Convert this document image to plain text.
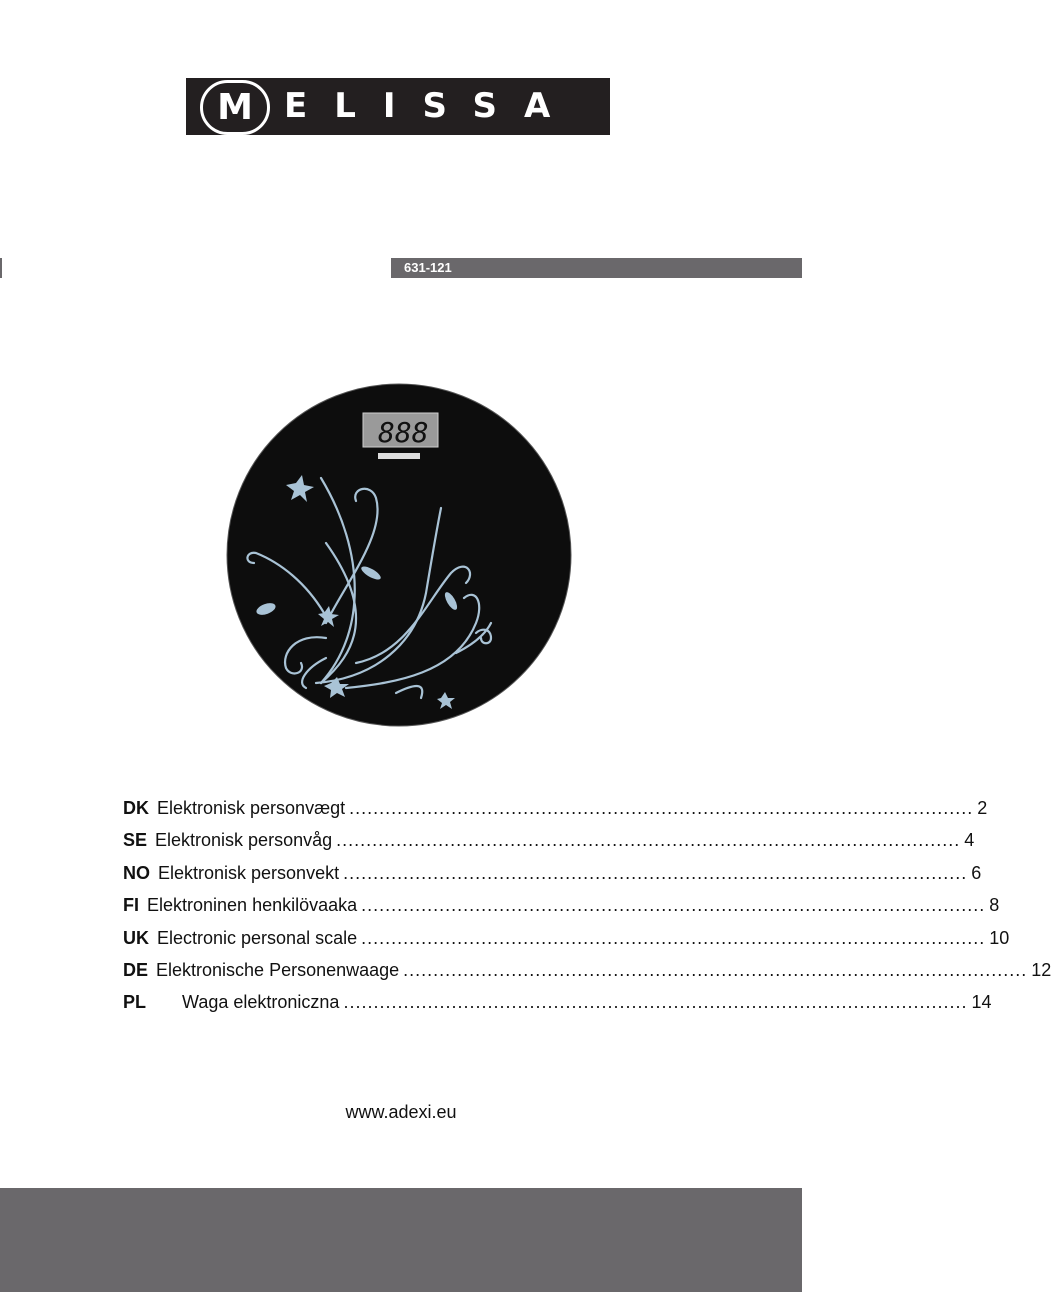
M ELISSA
631-121
888
DK Elektronisk personvægt ........................................................................................................ 2
SE Elektronisk personvåg ........................................................................................................ 4
NO Elektronisk personvekt ........................................................................................................ 6
FI Elektroninen henkilövaaka ........................................................................................................ 8
UK Electronic personal scale ........................................................................................................ 10
DE Elektronische Personenwaage ........................................................................................................ 12
PL Waga elektroniczna ........................................................................................................ 14
www.adexi.eu
